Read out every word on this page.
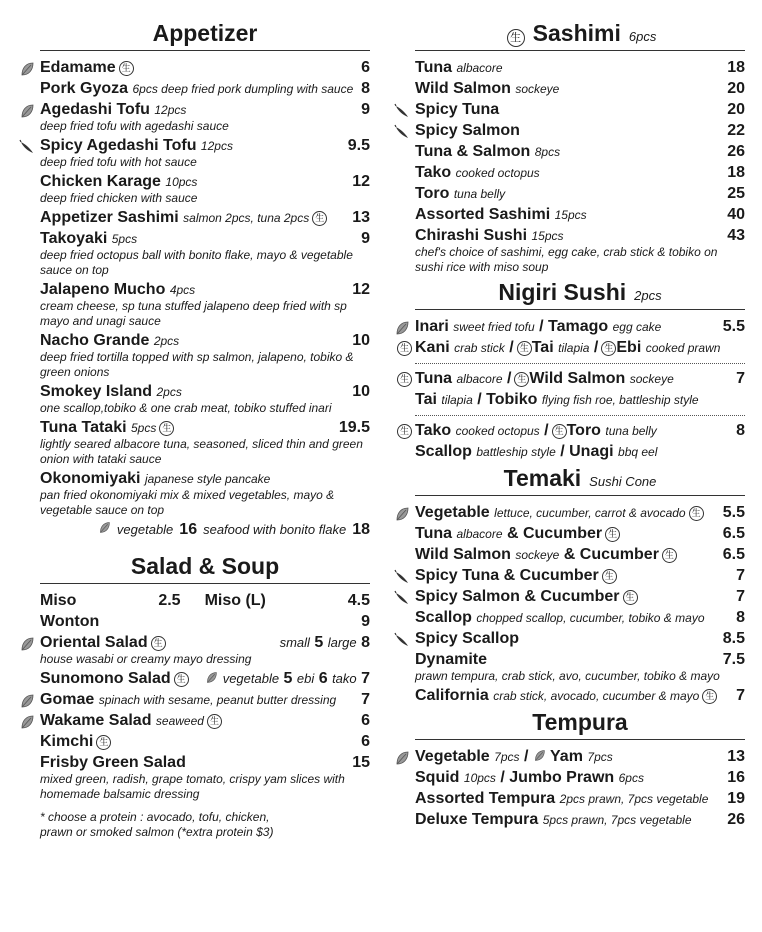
Appetizer
Edamame 生	6
Pork Gyoza 6pcs deep fried pork dumpling with sauce 8
Agedashi Tofu 12pcs	9
deep fried tofu with agedashi sauce
Spicy Agedashi Tofu 12pcs	9.5
deep fried tofu with hot sauce
Chicken Karage 10pcs	12
deep fried chicken with sauce
Appetizer Sashimi salmon 2pcs, tuna 2pcs 生 13
Takoyaki 5pcs	9
deep fried octopus ball with bonito flake, mayo & vegetable sauce on top
Jalapeno Mucho 4pcs	12
cream cheese, sp tuna stuffed jalapeno deep fried with sp mayo and unagi sauce
Nacho Grande 2pcs	10
deep fried tortilla topped with sp salmon, jalapeno, tobiko & green onions
Smokey Island 2pcs	10
one scallop,tobiko & one crab meat, tobiko stuffed inari
Tuna Tataki 5pcs 生	19.5
lightly seared albacore tuna, seasoned, sliced thin and green onion with tataki sauce
Okonomiyaki japanese style pancake
pan fried okonomiyaki mix & mixed vegetables, mayo & vegetable sauce on top
vegetable 16 seafood with bonito flake 18
Salad & Soup
Miso	2.5 Miso (L)	4.5
Wonton	9
Oriental Salad 生	small 5 large 8
house wasabi or creamy mayo dressing
Sunomono Salad 生	vegetable 5 ebi 6 tako 7
Gomae spinach with sesame, peanut butter dressing 7
Wakame Salad seaweed 生	6
Kimchi 生	6
Frisby Green Salad	15
mixed green, radish, grape tomato, crispy yam slices with homemade balsamic dressing
* choose a protein : avocado, tofu, chicken, prawn or smoked salmon (*extra protein $3)
生 Sashimi 6pcs
Tuna albacore	18
Wild Salmon sockeye	20
Spicy Tuna	20
Spicy Salmon	22
Tuna & Salmon 8pcs	26
Tako cooked octopus	18
Toro tuna belly	25
Assorted Sashimi 15pcs	40
Chirashi Sushi 15pcs	43
chef's choice of sashimi, egg cake, crab stick & tobiko on sushi rice with miso soup
Nigiri Sushi 2pcs
Inari sweet fried tofu / Tamago egg cake	5.5
生 Kani crab stick / 生 Tai tilapia / 生 Ebi cooked prawn
生 Tuna albacore / 生 Wild Salmon sockeye	7
Tai tilapia / Tobiko flying fish roe, battleship style
生 Tako cooked octopus / 生 Toro tuna belly	8
Scallop battleship style / Unagi bbq eel
Temaki Sushi Cone
Vegetable lettuce, cucumber, carrot & avocado 生 5.5
Tuna albacore & Cucumber 生	6.5
Wild Salmon sockeye & Cucumber 生	6.5
Spicy Tuna & Cucumber 生	7
Spicy Salmon & Cucumber 生	7
Scallop chopped scallop, cucumber, tobiko & mayo 8
Spicy Scallop	8.5
Dynamite	7.5
prawn tempura, crab stick, avo, cucumber, tobiko & mayo
California crab stick, avocado, cucumber & mayo 生 7
Tempura
Vegetable 7pcs /  Yam 7pcs	13
Squid 10pcs / Jumbo Prawn 6pcs	16
Assorted Tempura 2pcs prawn, 7pcs vegetable 19
Deluxe Tempura 5pcs prawn, 7pcs vegetable 26
